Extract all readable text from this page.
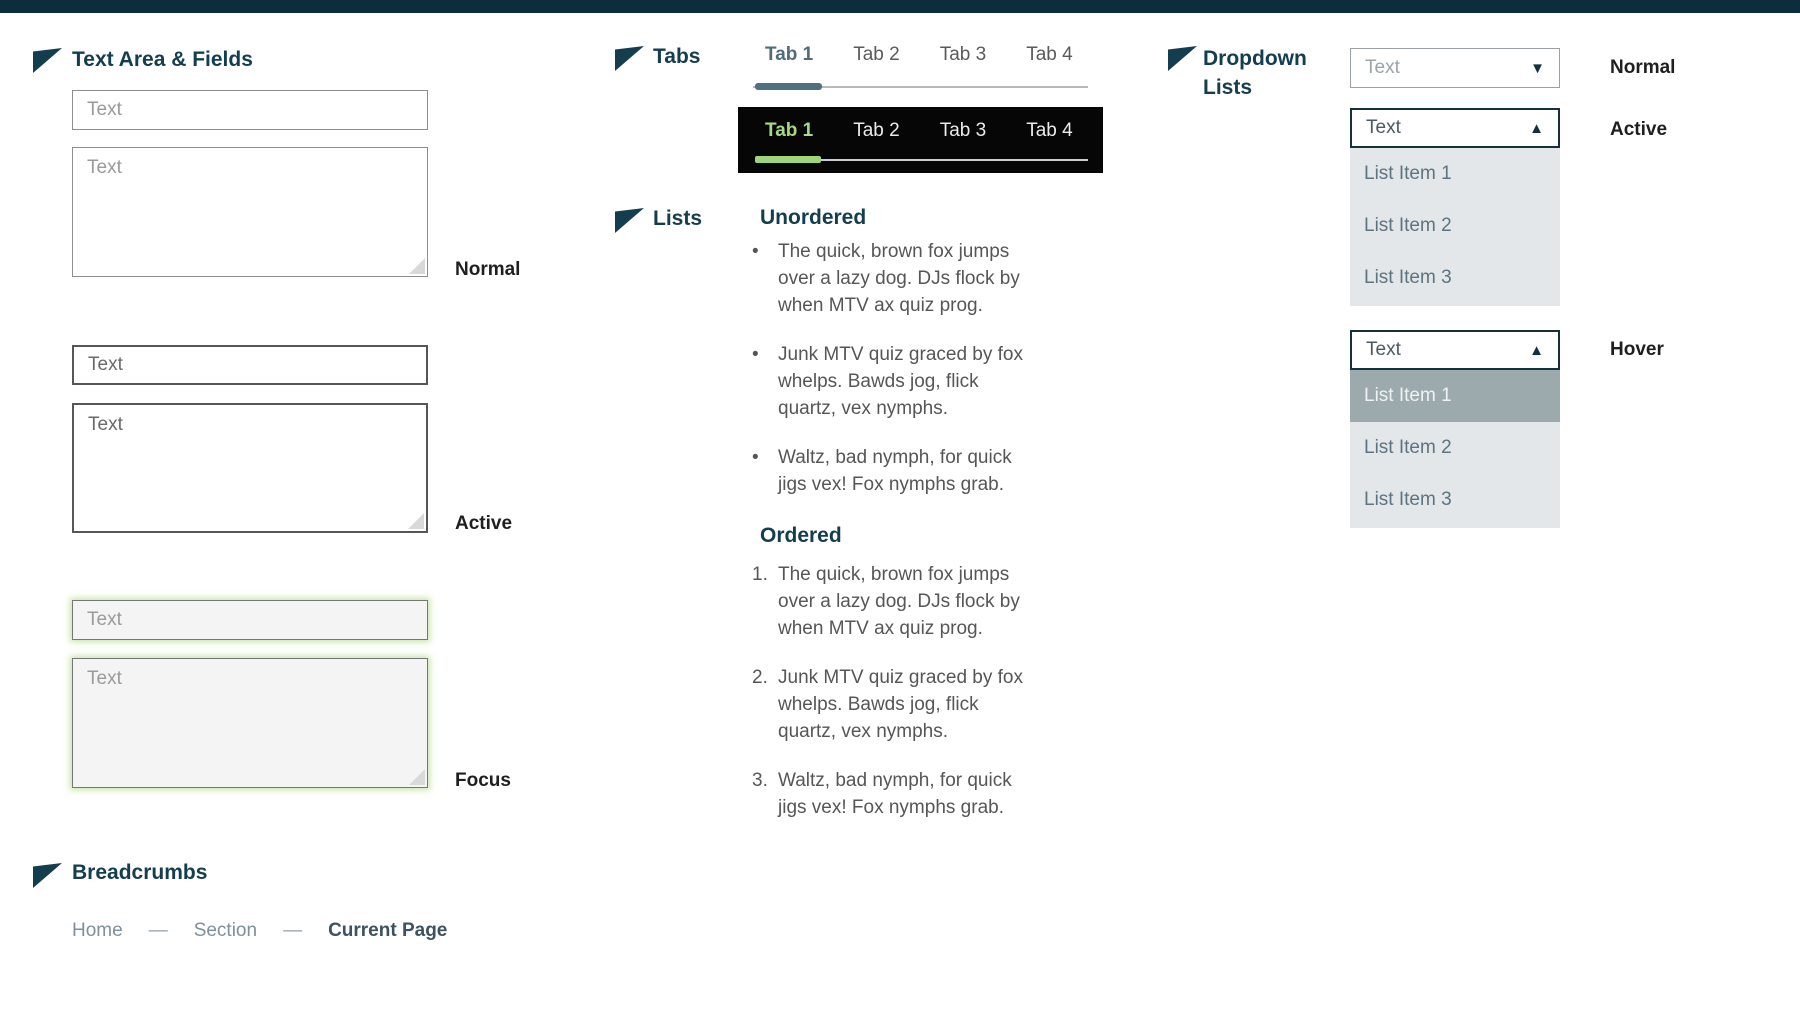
Text Area & Fields
Text
Text
Normal
Text
Text
Active
Text
Text
Focus
Tabs	Tab 1 Tab 2 Tab 3 Tab 4
Tab 1 Tab 2 Tab 3 Tab 4
Lists	Unordered
•	The quick, brown fox jumps over a lazy dog. DJs flock by when MTV ax quiz prog.
•	Junk MTV quiz graced by fox whelps. Bawds jog, flick quartz, vex nymphs.
•	Waltz, bad nymph, for quick jigs vex! Fox nymphs grab.
Ordered
1. The quick, brown fox jumps over a lazy dog. DJs flock by when MTV ax quiz prog.
2. Junk MTV quiz graced by fox whelps. Bawds jog, flick quartz, vex nymphs.
3. Waltz, bad nymph, for quick jigs vex! Fox nymphs grab.
Dropdown Lists
Text	▼	Normal
Text	▲
List Item 1
List Item 2
List Item 3
Active
Text	▲
List Item 1
List Item 2
List Item 3
Hover
Breadcrumbs
Home — Section — Current Page
